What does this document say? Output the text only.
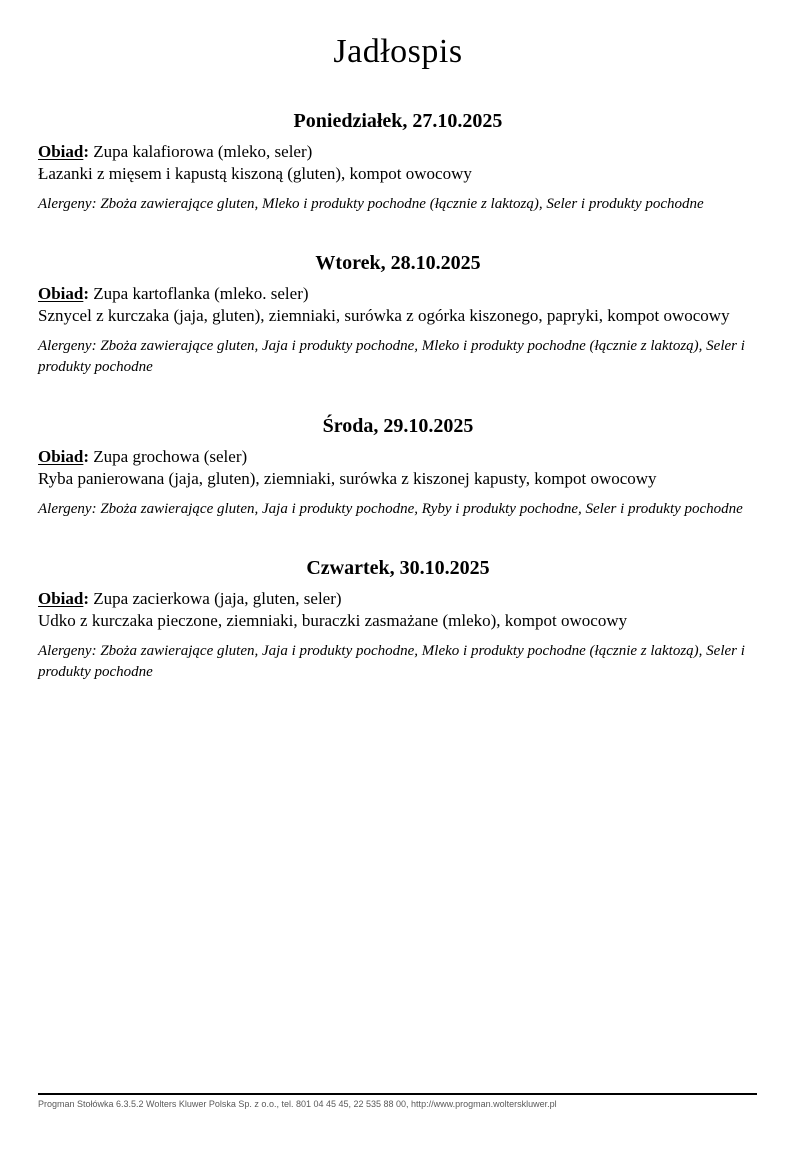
Jadłospis
Poniedziałek, 27.10.2025

Obiad: Zupa kalafiorowa (mleko, seler)

Łazanki z mięsem i kapustą kiszoną (gluten), kompot owocowy

Alergeny: Zboża zawierające gluten, Mleko i produkty pochodne (łącznie z laktozą), Seler i produkty pochodne

Wtorek, 28.10.2025

Obiad: Zupa kartoflanka (mleko. seler)

Sznycel z kurczaka (jaja, gluten), ziemniaki, surówka z ogórka kiszonego, papryki, kompot owocowy

Alergeny: Zboża zawierające gluten, Jaja i produkty pochodne, Mleko i produkty pochodne (łącznie z laktozą), Seler i produkty pochodne

Środa, 29.10.2025

Obiad: Zupa grochowa (seler)

Ryba panierowana (jaja, gluten), ziemniaki, surówka z kiszonej kapusty, kompot owocowy

Alergeny: Zboża zawierające gluten, Jaja i produkty pochodne, Ryby i produkty pochodne, Seler i produkty pochodne

Czwartek, 30.10.2025

Obiad: Zupa zacierkowa (jaja, gluten, seler)

Udko z kurczaka pieczone, ziemniaki, buraczki zasmażane (mleko), kompot owocowy

Alergeny: Zboża zawierające gluten, Jaja i produkty pochodne, Mleko i produkty pochodne (łącznie z laktozą), Seler i produkty pochodne

Progman Stołówka 6.3.5.2 Wolters Kluwer Polska Sp. z o.o., tel. 801 04 45 45, 22 535 88 00, http://www.progman.wolterskluwer.pl
